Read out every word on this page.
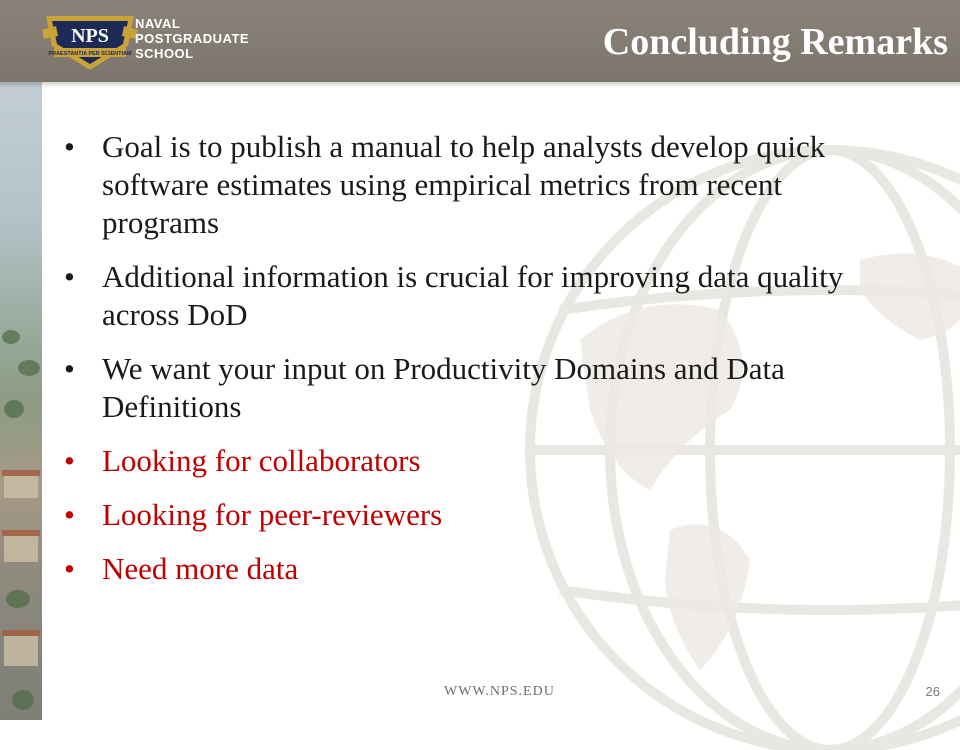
NPS
PRAESTANTIA PER SCIENTIAM
NAVAL
POSTGRADUATE
SCHOOL	Concluding Remarks
• Goal is to publish a manual to help analysts develop quick software estimates using empirical metrics from recent programs
• Additional information is crucial for improving data quality across DoD
• We want your input on Productivity Domains and Data Definitions
• Looking for collaborators
• Looking for peer-reviewers
• Need more data
WWW.NPS.EDU	26
